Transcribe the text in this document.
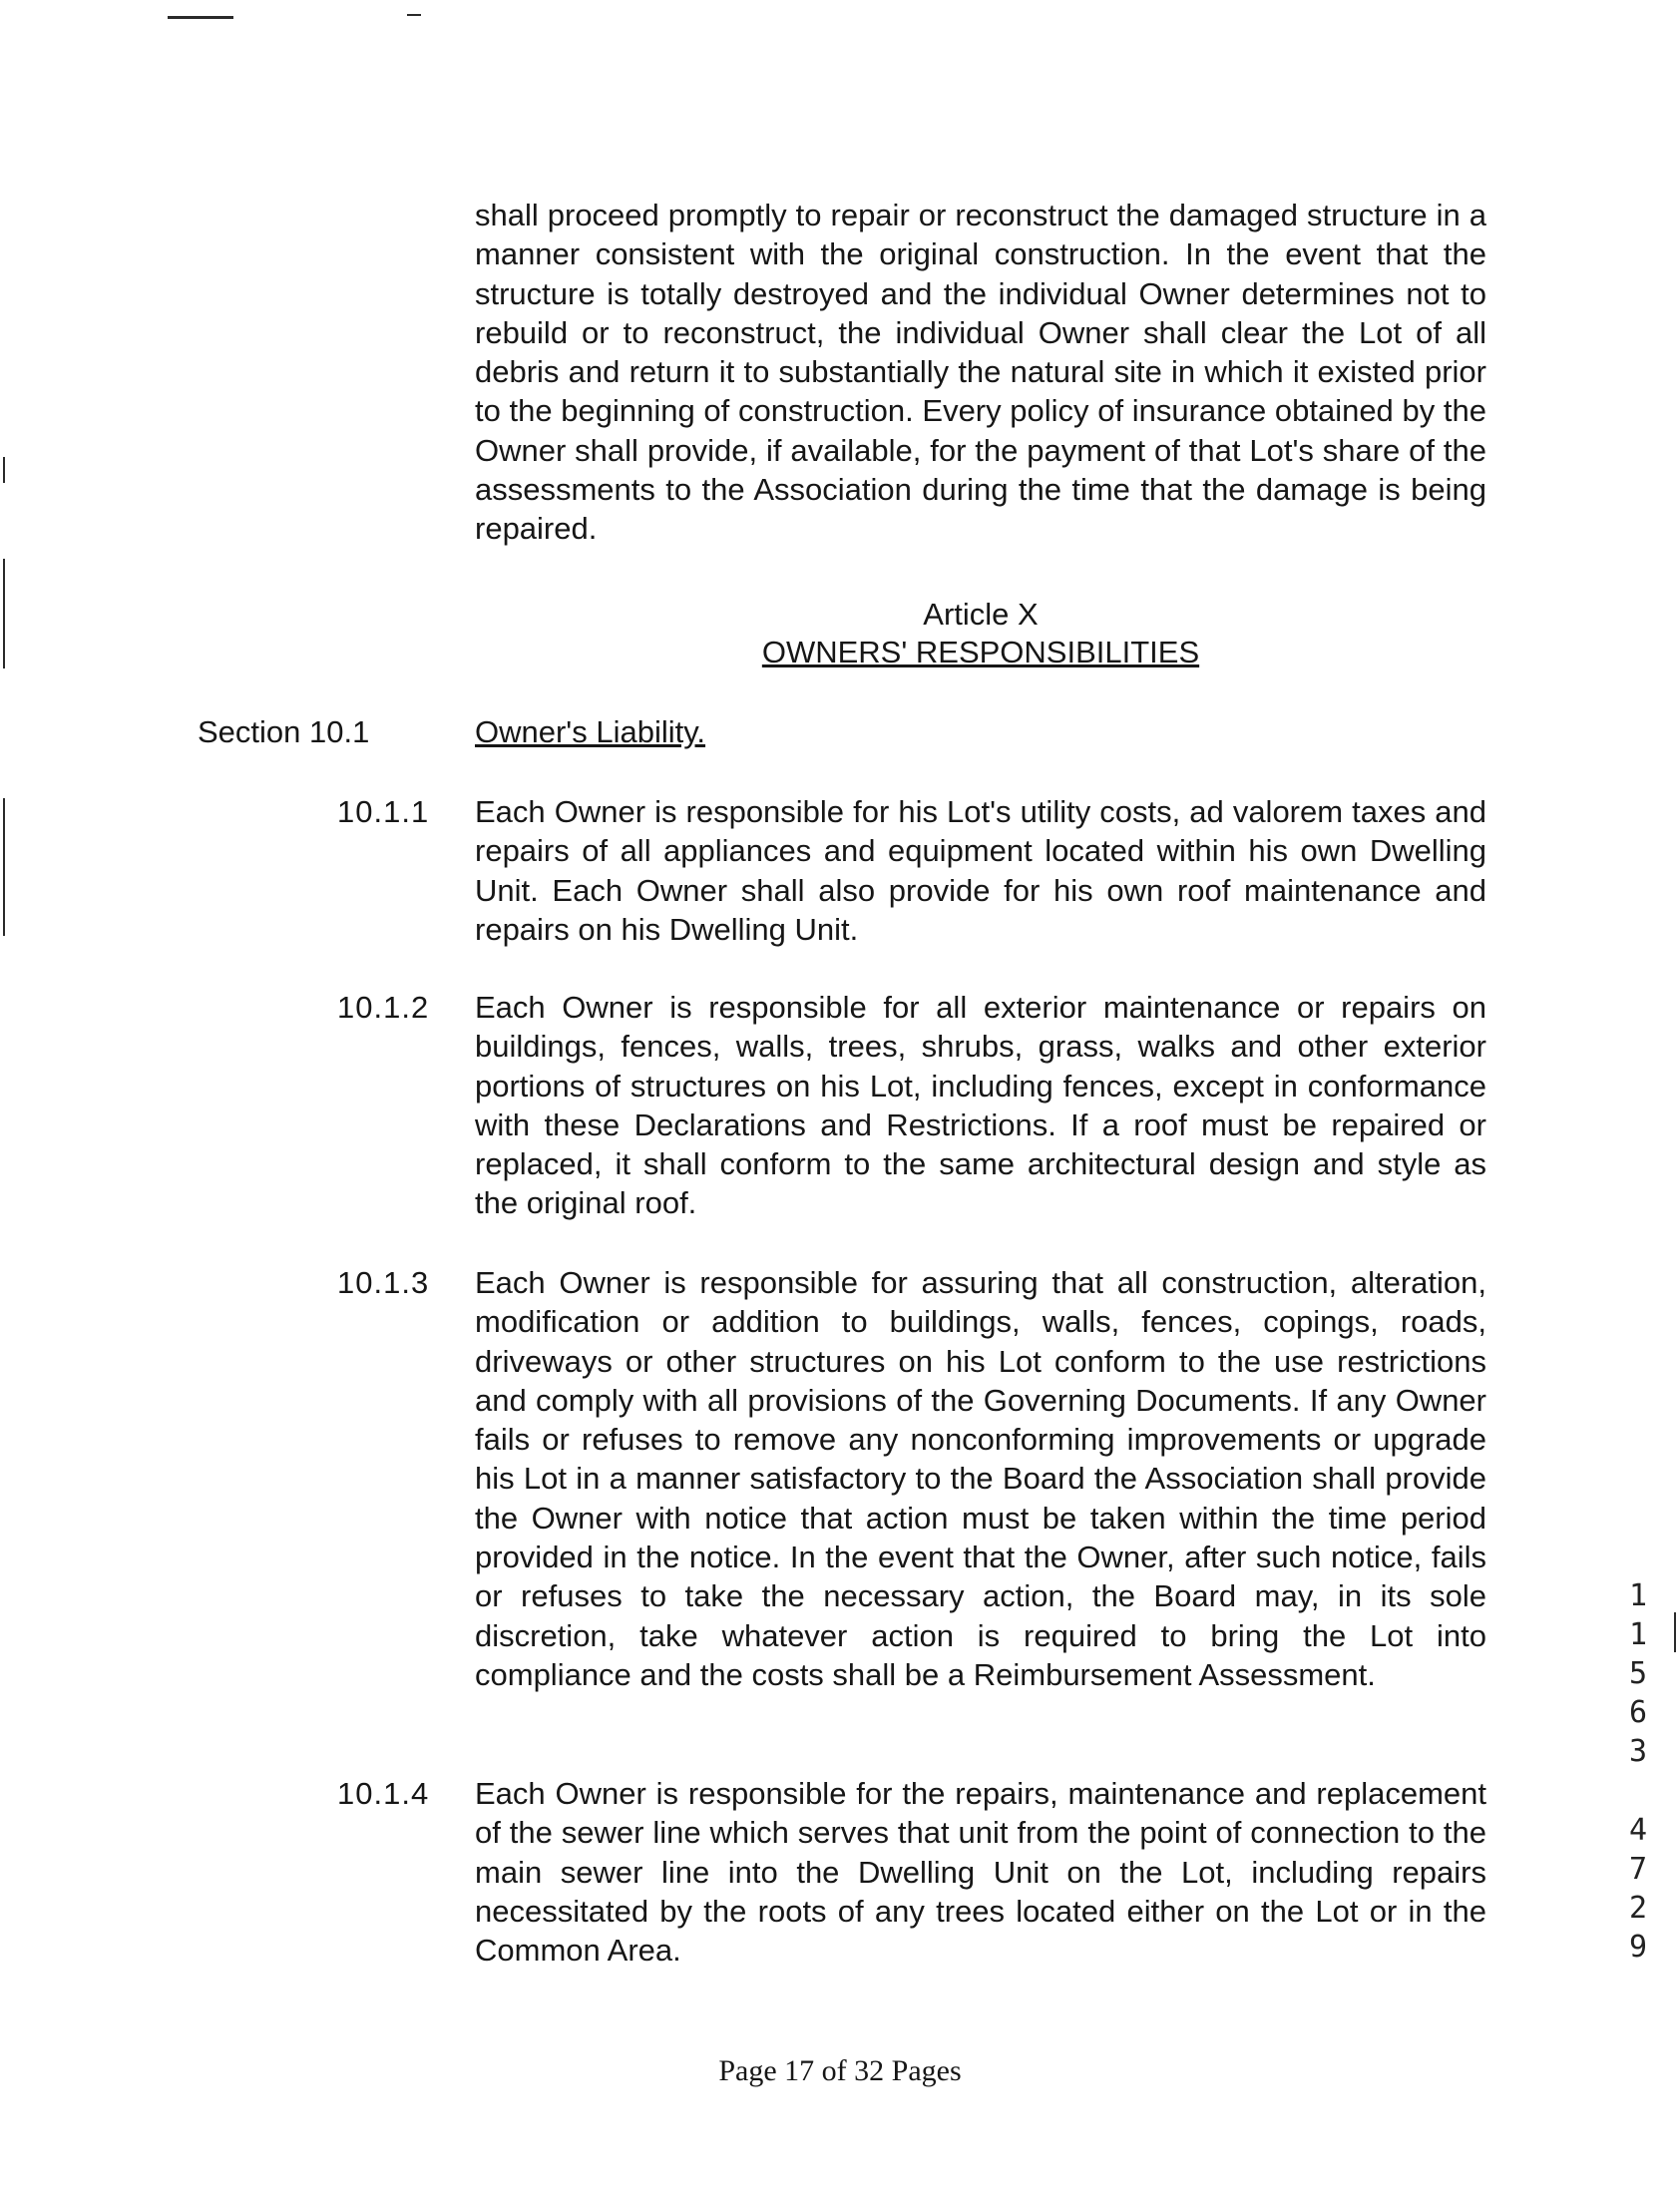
shall proceed promptly to repair or reconstruct the damaged structure in a manner consistent with the original construction. In the event that the structure is totally destroyed and the individual Owner determines not to rebuild or to reconstruct, the individual Owner shall clear the Lot of all debris and return it to substantially the natural site in which it existed prior to the beginning of construction. Every policy of insurance obtained by the Owner shall provide, if available, for the payment of that Lot's share of the assessments to the Association during the time that the damage is being repaired.

Article X

OWNERS' RESPONSIBILITIES

Section 10.1	Owner's Liability.
10.1.1 Each Owner is responsible for his Lot's utility costs, ad valorem taxes and repairs of all appliances and equipment located within his own Dwelling Unit. Each Owner shall also provide for his own roof maintenance and repairs on his Dwelling Unit.

10.1.2 Each Owner is responsible for all exterior maintenance or repairs on buildings, fences, walls, trees, shrubs, grass, walks and other exterior portions of structures on his Lot, including fences, except in conformance with these Declarations and Restrictions. If a roof must be repaired or replaced, it shall conform to the same architectural design and style as the original roof.

10.1.3 Each Owner is responsible for assuring that all construction, alteration, modification or addition to buildings, walls, fences, copings, roads, driveways or other structures on his Lot conform to the use restrictions and comply with all provisions of the Governing Documents. If any Owner fails or refuses to remove any nonconforming improvements or upgrade his Lot in a manner satisfactory to the Board the Association shall provide the Owner with notice that action must be taken within the time period provided in the notice. In the event that the Owner, after such notice, fails or refuses to take the necessary action, the Board may, in its sole discretion, take whatever action is required to bring the Lot into compliance and the costs shall be a Reimbursement Assessment.

10.1.4 Each Owner is responsible for the repairs, maintenance and replacement of the sewer line which serves that unit from the point of connection to the main sewer line into the Dwelling Unit on the Lot, including repairs necessitated by the roots of any trees located either on the Lot or in the Common Area.

1
1
5
6
3
4
7
2
9
Page 17 of 32 Pages
